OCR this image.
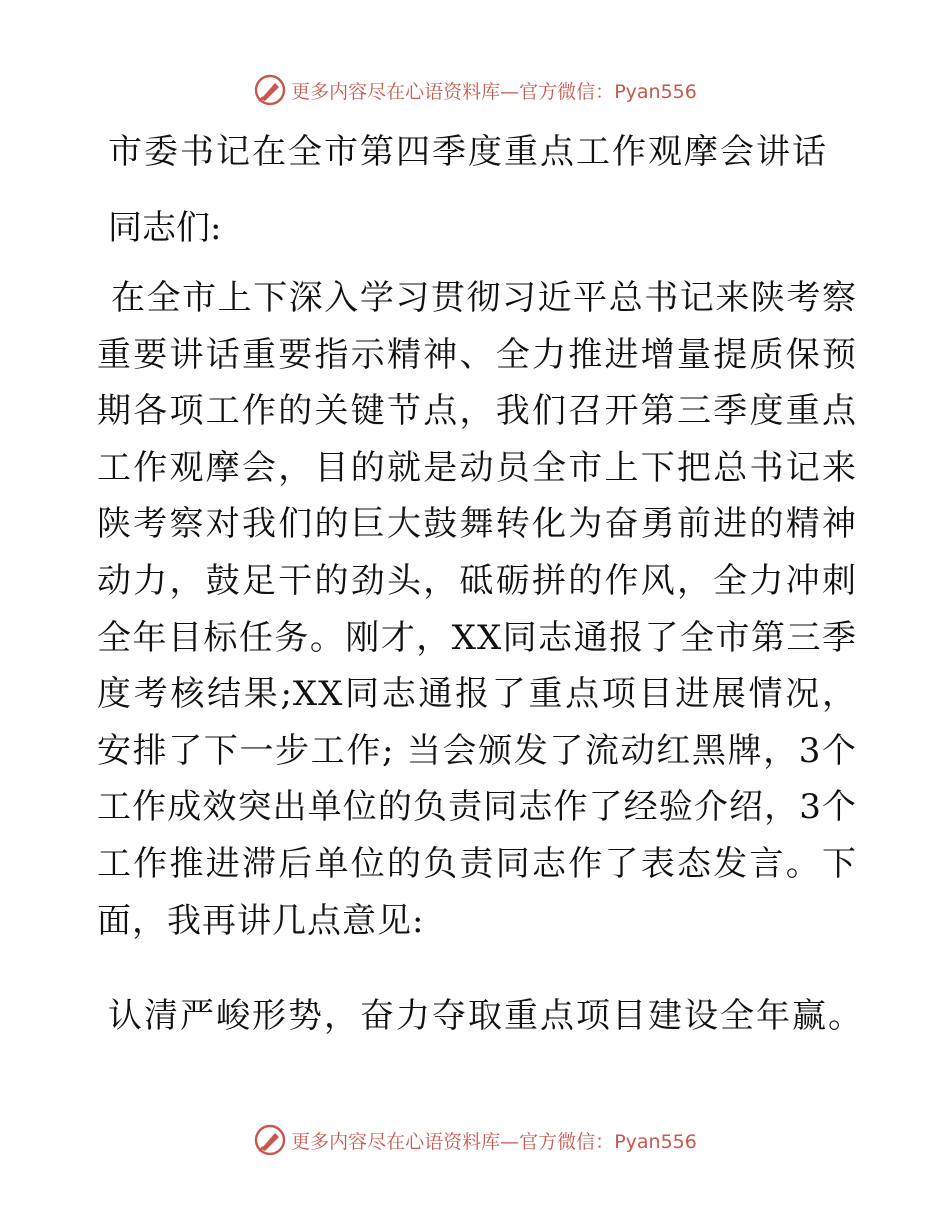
更多内容尽在心语资料库—官方微信：Pyan556
市委书记在全市第四季度重点工作观摩会讲话
同志们:
在全市上下深入学习贯彻习近平总书记来陕考察重要讲话重要指示精神、全力推进增量提质保预期各项工作的关键节点，我们召开第三季度重点工作观摩会，目的就是动员全市上下把总书记来陕考察对我们的巨大鼓舞转化为奋勇前进的精神动力，鼓足干的劲头，砥砺拼的作风，全力冲刺全年目标任务。刚才，XX同志通报了全市第三季度考核结果;XX同志通报了重点项目进展情况，安排了下一步工作; 当会颁发了流动红黑牌，3个工作成效突出单位的负责同志作了经验介绍，3个工作推进滞后单位的负责同志作了表态发言。下面，我再讲几点意见:
认清严峻形势，奋力夺取重点项目建设全年赢。
更多内容尽在心语资料库—官方微信：Pyan556
